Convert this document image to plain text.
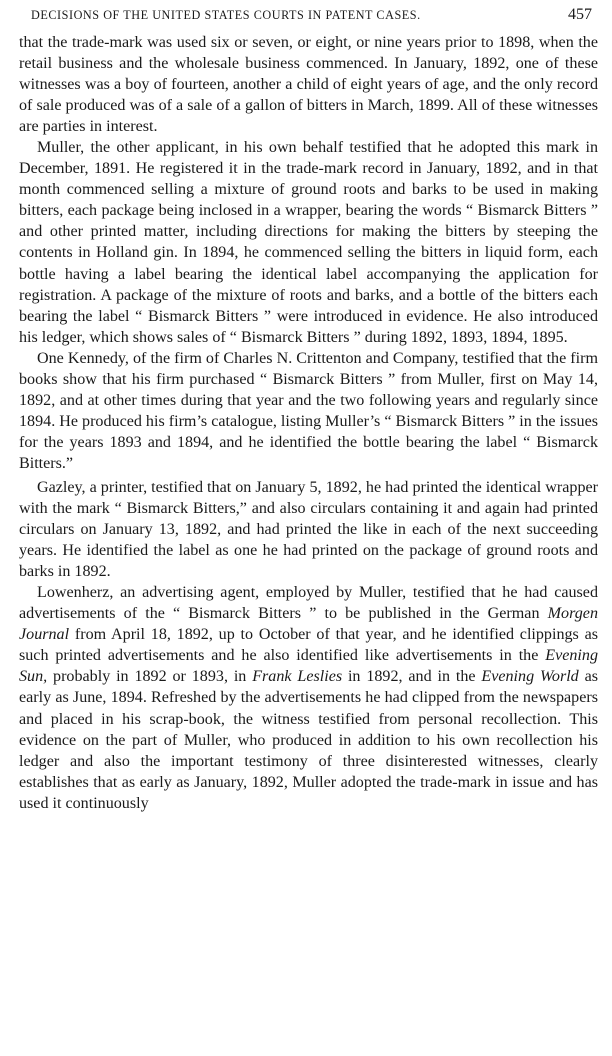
DECISIONS OF THE UNITED STATES COURTS IN PATENT CASES.	457

that the trade-mark was used six or seven, or eight, or nine years prior to 1898, when the retail business and the wholesale business commenced. In January, 1892, one of these witnesses was a boy of fourteen, another a child of eight years of age, and the only record of sale produced was of a sale of a gallon of bitters in March, 1899. All of these witnesses are parties in interest.

Muller, the other applicant, in his own behalf testified that he adopted this mark in December, 1891. He registered it in the trade-mark record in January, 1892, and in that month commenced selling a mixture of ground roots and barks to be used in making bitters, each package being inclosed in a wrapper, bearing the words “ Bismarck Bitters ” and other printed matter, including directions for making the bitters by steeping the contents in Holland gin. In 1894, he commenced selling the bitters in liquid form, each bottle having a label bearing the identical label accompanying the application for registration. A package of the mixture of roots and barks, and a bottle of the bitters each bearing the label “ Bismarck Bitters ” were introduced in evidence. He also introduced his ledger, which shows sales of “ Bismarck Bitters ” during 1892, 1893, 1894, 1895.

One Kennedy, of the firm of Charles N. Crittenton and Company, testified that the firm books show that his firm purchased “ Bismarck Bitters ” from Muller, first on May 14, 1892, and at other times during that year and the two following years and regularly since 1894. He produced his firm’s catalogue, listing Muller’s “ Bismarck Bitters ” in the issues for the years 1893 and 1894, and he identified the bottle bearing the label “ Bismarck Bitters.”

Gazley, a printer, testified that on January 5, 1892, he had printed the identical wrapper with the mark “ Bismarck Bitters,” and also circulars containing it and again had printed circulars on January 13, 1892, and had printed the like in each of the next succeeding years. He identified the label as one he had printed on the package of ground roots and barks in 1892.

Lowenherz, an advertising agent, employed by Muller, testified that he had caused advertisements of the “ Bismarck Bitters ” to be published in the German Morgen Journal from April 18, 1892, up to October of that year, and he identified clippings as such printed advertisements and he also identified like advertisements in the Evening Sun, probably in 1892 or 1893, in Frank Leslies in 1892, and in the Evening World as early as June, 1894. Refreshed by the advertisements he had clipped from the newspapers and placed in his scrap-book, the witness testified from personal recollection. This evidence on the part of Muller, who produced in addition to his own recollection his ledger and also the important testimony of three disinterested witnesses, clearly establishes that as early as January, 1892, Muller adopted the trade-mark in issue and has used it continuously
